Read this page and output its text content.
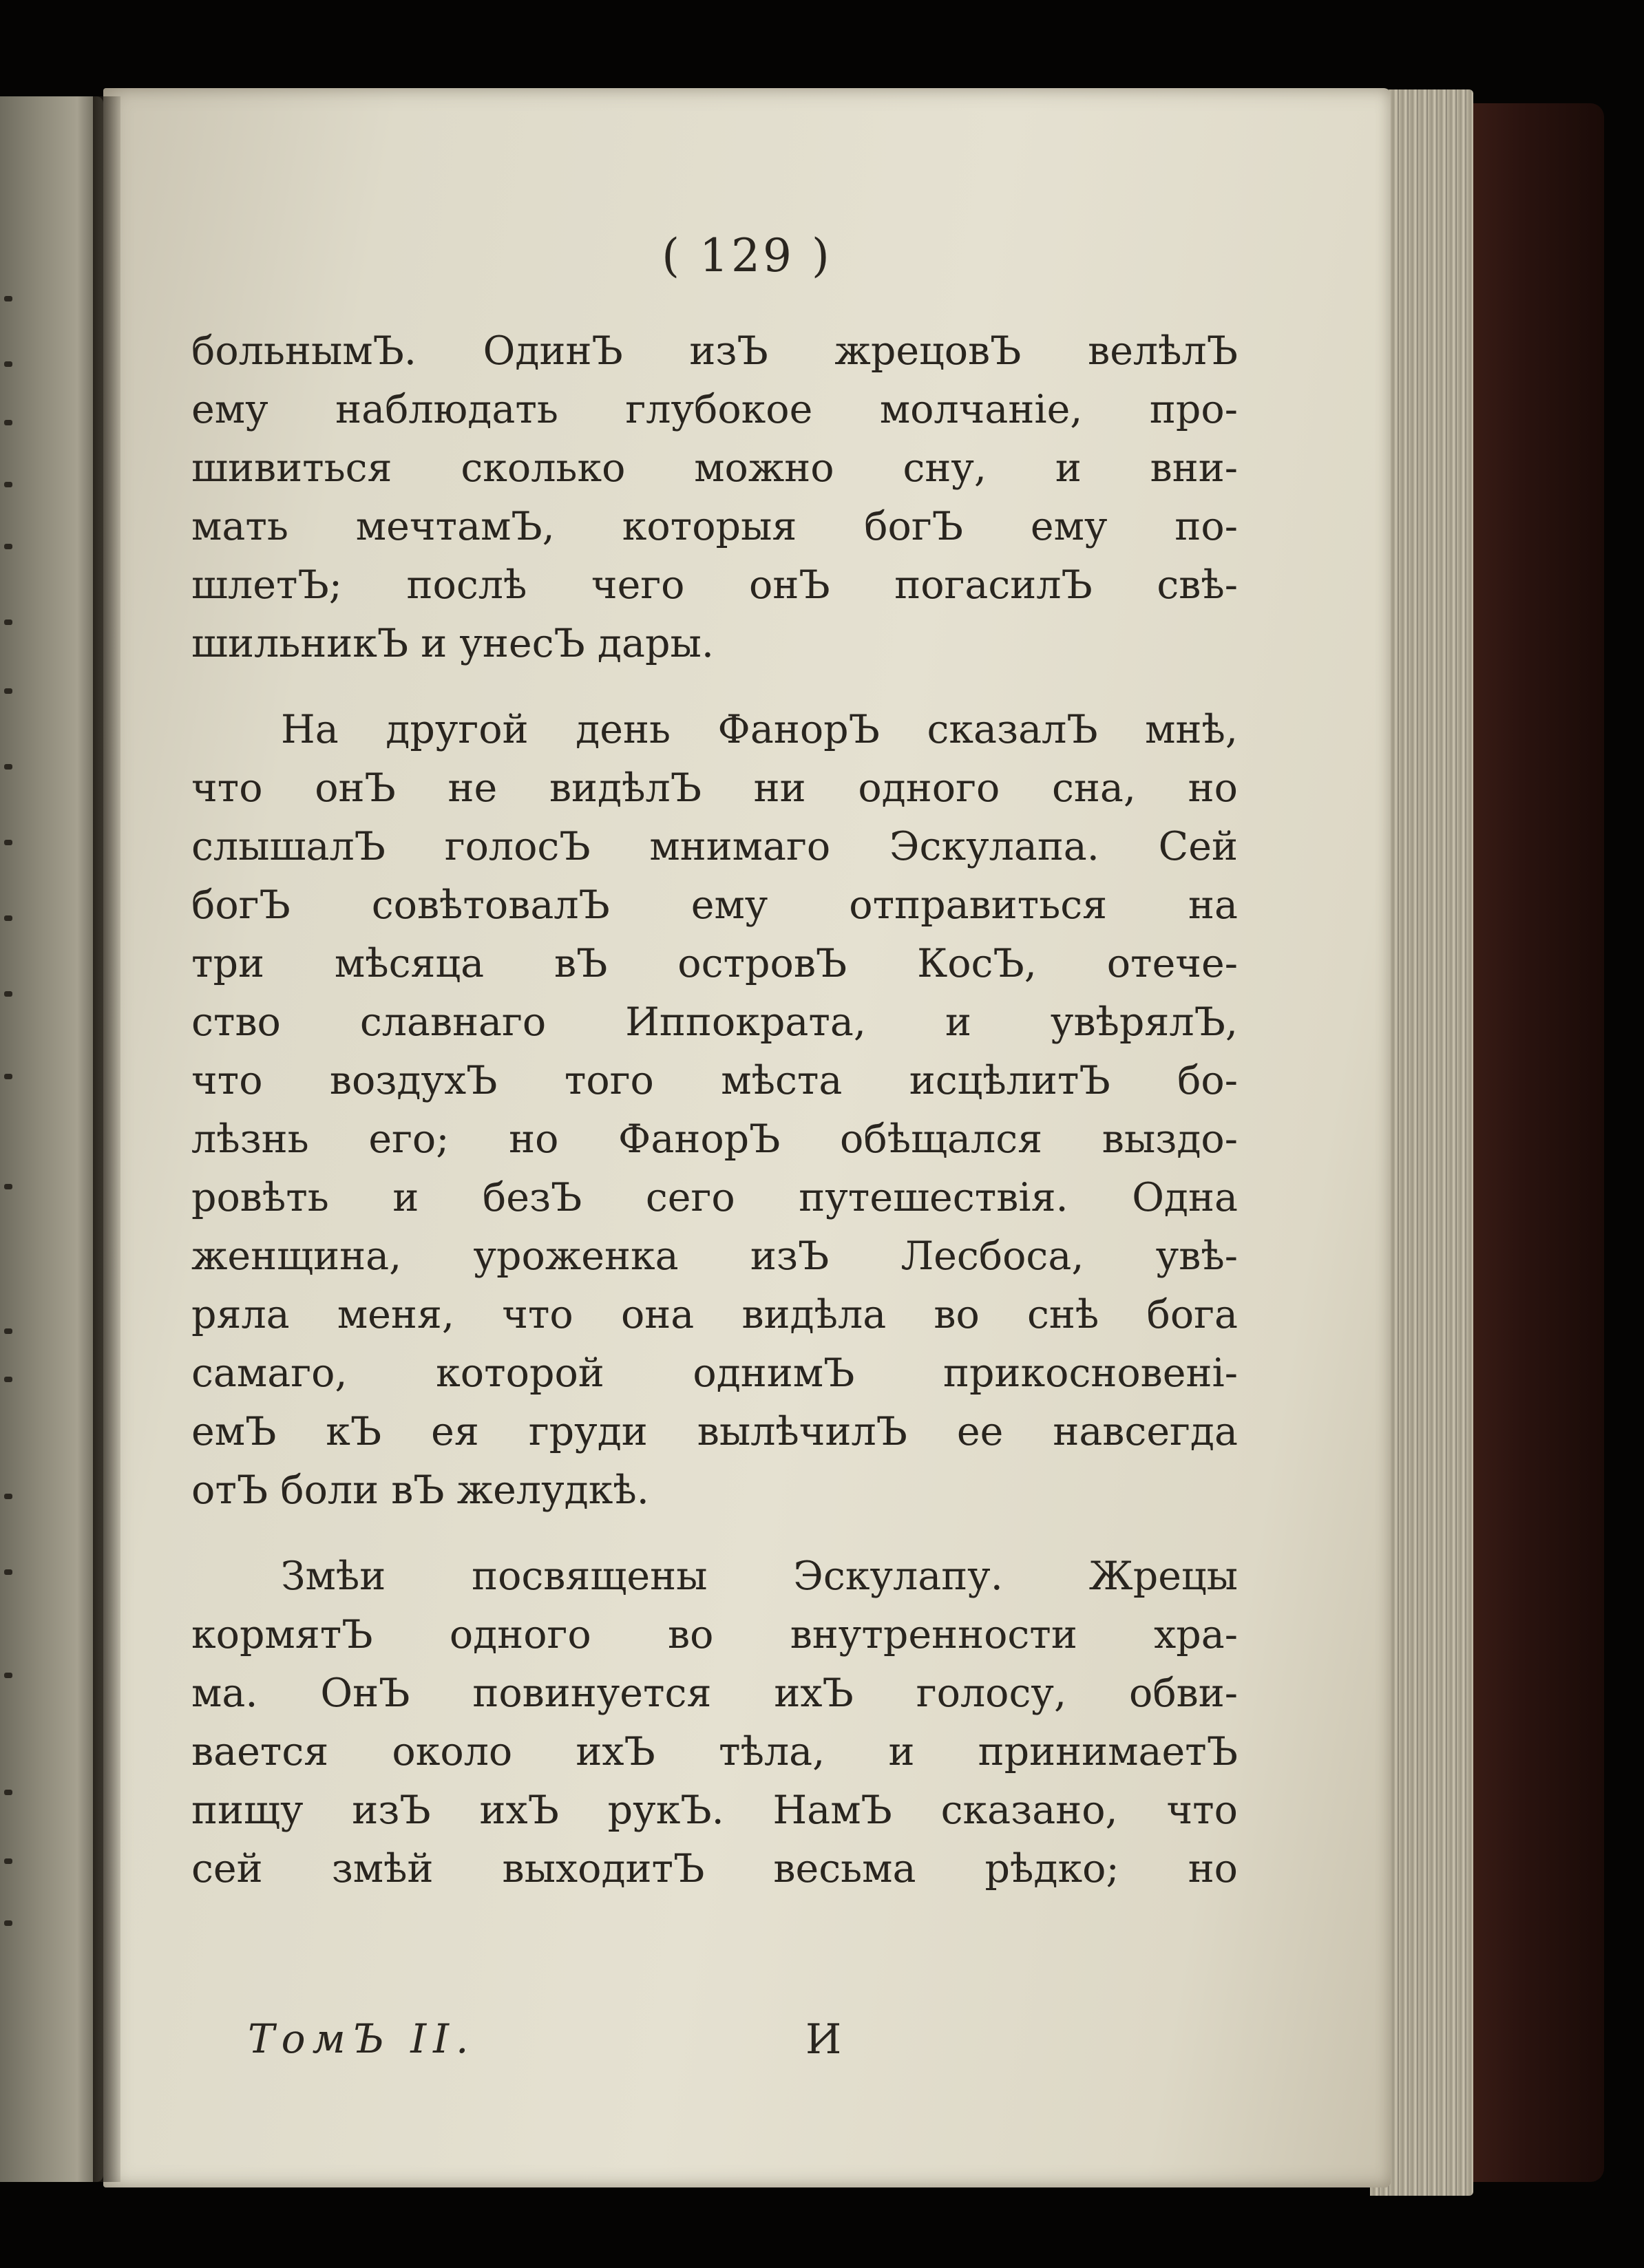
( 129 )
больнымЪ. ОдинЪ изЪ жрецовЪ велѣлЪ
ему наблюдать глубокое молчаніе, про-
шивиться сколько можно сну, и вни-
мать мечтамЪ, которыя богЪ ему по-
шлетЪ; послѣ чего онЪ погасилЪ свѣ-
шильникЪ и унесЪ дары.
На другой день ФанорЪ сказалЪ мнѣ,
что онЪ не видѣлЪ ни одного сна, но
слышалЪ голосЪ мнимаго Эскулапа. Сей
богЪ совѣтовалЪ ему отправиться на
три мѣсяца вЪ островЪ КосЪ, отече-
ство славнаго Иппократа, и увѣрялЪ,
что воздухЪ того мѣста исцѣлитЪ бо-
лѣзнь его; но ФанорЪ обѣщался выздо-
ровѣть и безЪ сего путешествія. Одна
женщина, уроженка изЪ Лесбоса, увѣ-
ряла меня, что она видѣла во снѣ бога
самаго, которой однимЪ прикосновені-
емЪ кЪ ея груди вылѣчилЪ ее навсегда
отЪ боли вЪ желудкѣ.
Змѣи посвящены Эскулапу. Жрецы
кормятЪ одного во внутренности хра-
ма. ОнЪ повинуется ихЪ голосу, обви-
вается около ихЪ тѣла, и принимаетЪ
пищу изЪ ихЪ рукЪ. НамЪ сказано, что
сей змѣй выходитЪ весьма рѣдко; но
ТомЪ II.	И
